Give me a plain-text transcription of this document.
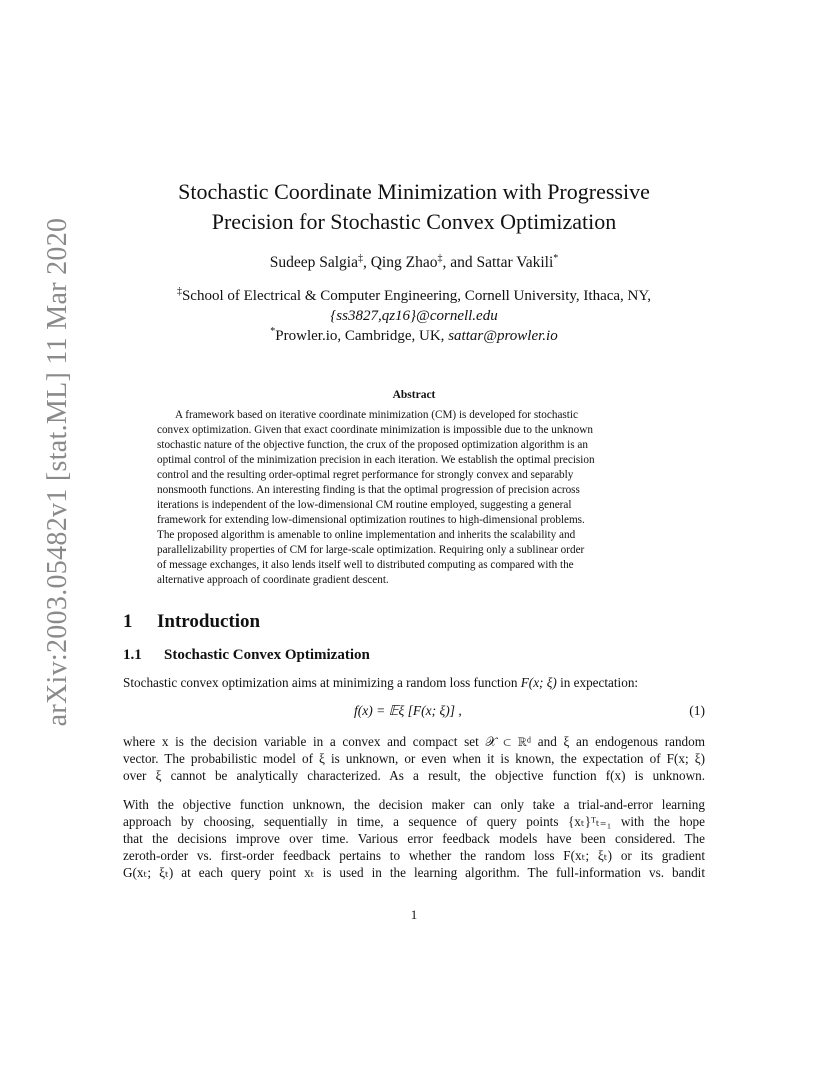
arXiv:2003.05482v1 [stat.ML] 11 Mar 2020
Stochastic Coordinate Minimization with Progressive
Precision for Stochastic Convex Optimization
Sudeep Salgia‡, Qing Zhao‡, and Sattar Vakili*
‡School of Electrical & Computer Engineering, Cornell University, Ithaca, NY,
{ss3827,qz16}@cornell.edu
*Prowler.io, Cambridge, UK, sattar@prowler.io
Abstract
A framework based on iterative coordinate minimization (CM) is developed for stochastic
convex optimization. Given that exact coordinate minimization is impossible due to the unknown
stochastic nature of the objective function, the crux of the proposed optimization algorithm is an
optimal control of the minimization precision in each iteration. We establish the optimal precision
control and the resulting order-optimal regret performance for strongly convex and separably
nonsmooth functions. An interesting finding is that the optimal progression of precision across
iterations is independent of the low-dimensional CM routine employed, suggesting a general
framework for extending low-dimensional optimization routines to high-dimensional problems.
The proposed algorithm is amenable to online implementation and inherits the scalability and
parallelizability properties of CM for large-scale optimization. Requiring only a sublinear order
of message exchanges, it also lends itself well to distributed computing as compared with the
alternative approach of coordinate gradient descent.
1 Introduction
1.1 Stochastic Convex Optimization
Stochastic convex optimization aims at minimizing a random loss function F(x; ξ) in expectation:
f(x) = 𝔼ξ [F(x; ξ)] ,	(1)
where x is the decision variable in a convex and compact set 𝒳 ⊂ ℝᵈ and ξ an endogenous random
vector. The probabilistic model of ξ is unknown, or even when it is known, the expectation of F(x; ξ)
over ξ cannot be analytically characterized. As a result, the objective function f(x) is unknown.
With the objective function unknown, the decision maker can only take a trial-and-error learning
approach by choosing, sequentially in time, a sequence of query points {xₜ}ᵀₜ₌₁ with the hope
that the decisions improve over time. Various error feedback models have been considered. The
zeroth-order vs. first-order feedback pertains to whether the random loss F(xₜ; ξₜ) or its gradient
G(xₜ; ξₜ) at each query point xₜ is used in the learning algorithm. The full-information vs. bandit
1
